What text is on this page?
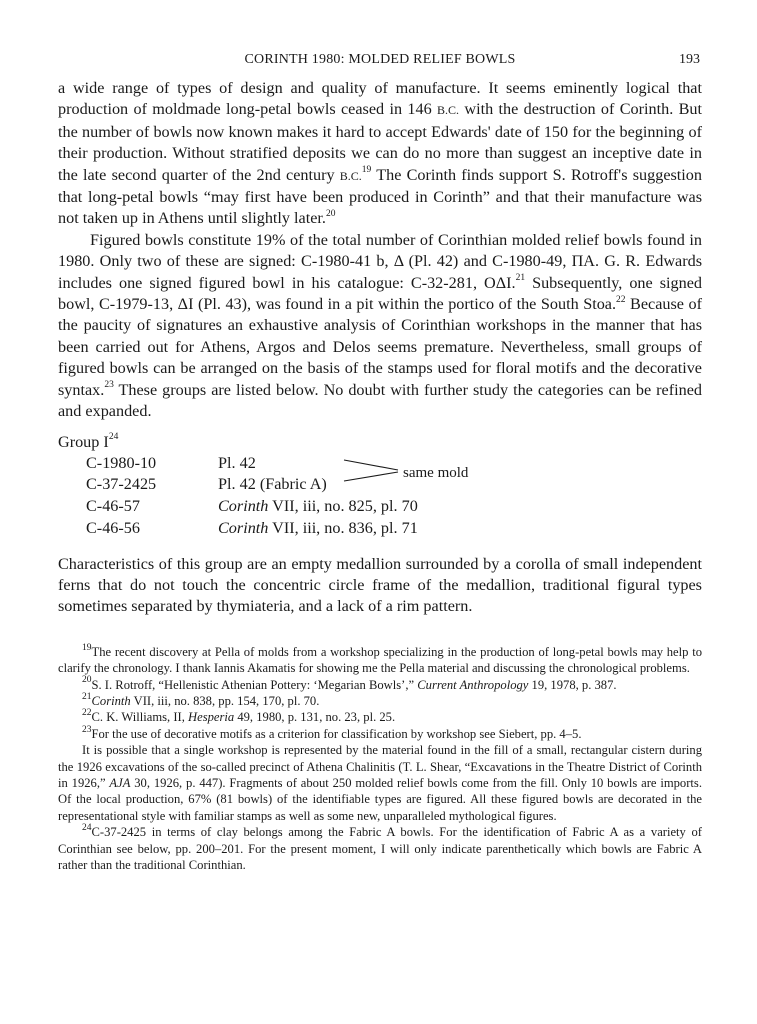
CORINTH 1980: MOLDED RELIEF BOWLS	193

a wide range of types of design and quality of manufacture. It seems eminently logical that production of moldmade long-petal bowls ceased in 146 B.C. with the destruction of Corinth. But the number of bowls now known makes it hard to accept Edwards' date of 150 for the beginning of their production. Without stratified deposits we can do no more than suggest an inceptive date in the late second quarter of the 2nd century B.C.$^{19}$ The Corinth finds support S. Rotroff's suggestion that long-petal bowls “may first have been produced in Corinth” and that their manufacture was not taken up in Athens until slightly later.$^{20}$

Figured bowls constitute 19% of the total number of Corinthian molded relief bowls found in 1980. Only two of these are signed: C-1980-41 b, Δ (Pl. 42) and C-1980-49, ΠA. G. R. Edwards includes one signed figured bowl in his catalogue: C-32-281, OΔI.$^{21}$ Subsequently, one signed bowl, C-1979-13, ΔI (Pl. 43), was found in a pit within the portico of the South Stoa.$^{22}$ Because of the paucity of signatures an exhaustive analysis of Corinthian workshops in the manner that has been carried out for Athens, Argos and Delos seems premature. Nevertheless, small groups of figured bowls can be arranged on the basis of the stamps used for floral motifs and the decorative syntax.$^{23}$ These groups are listed below. No doubt with further study the categories can be refined and expanded.

Group $I^{24}$
C-1980-10	Pl. 42
C-37-2425	Pl. 42 (Fabric A)
C-46-57	Corinth VII, iii, no. 825, pl. 70
C-46-56	Corinth VII, iii, no. 836, pl. 71
same mold

Characteristics of this group are an empty medallion surrounded by a corolla of small independent ferns that do not touch the concentric circle frame of the medallion, traditional figural types sometimes separated by thymiateria, and a lack of a rim pattern.

$^{19}$The recent discovery at Pella of molds from a workshop specializing in the production of long-petal bowls may help to clarify the chronology. I thank Iannis Akamatis for showing me the Pella material and discussing the chronological problems.

$^{20}$S. I. Rotroff, “Hellenistic Athenian Pottery: ‘Megarian Bowls’,” Current Anthropology 19, 1978, p. 387.

$^{21}$Corinth VII, iii, no. 838, pp. 154, 170, pl. 70.

$^{22}$C. K. Williams, II, Hesperia 49, 1980, p. 131, no. 23, pl. 25.

$^{23}$For the use of decorative motifs as a criterion for classification by workshop see Siebert, pp. 4–5.

It is possible that a single workshop is represented by the material found in the fill of a small, rectangular cistern during the 1926 excavations of the so-called precinct of Athena Chalinitis (T. L. Shear, “Excavations in the Theatre District of Corinth in 1926,” AJA 30, 1926, p. 447). Fragments of about 250 molded relief bowls come from the fill. Only 10 bowls are imports. Of the local production, 67% (81 bowls) of the identifiable types are figured. All these figured bowls are decorated in the representational style with familiar stamps as well as some new, unparalleled mythological figures.

$^{24}$C-37-2425 in terms of clay belongs among the Fabric A bowls. For the identification of Fabric A as a variety of Corinthian see below, pp. 200–201. For the present moment, I will only indicate parenthetically which bowls are Fabric A rather than the traditional Corinthian.
